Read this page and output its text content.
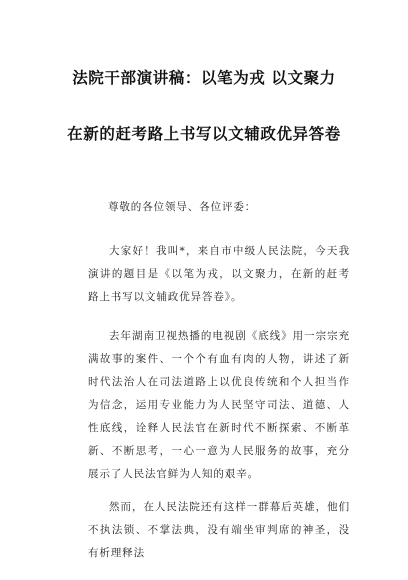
法院干部演讲稿：以笔为戎 以文聚力
在新的赶考路上书写以文辅政优异答卷
尊敬的各位领导、各位评委：
大家好！我叫*，来自市中级人民法院，今天我演讲的题目是《以笔为戎，以文聚力，在新的赶考路上书写以文辅政优异答卷》。
去年湖南卫视热播的电视剧《底线》用一宗宗充满故事的案件、一个个有血有肉的人物，讲述了新时代法治人在司法道路上以优良传统和个人担当作为信念，运用专业能力为人民坚守司法、道德、人性底线，诠释人民法官在新时代不断探索、不断革新、不断思考，一心一意为人民服务的故事，充分展示了人民法官鲜为人知的艰辛。
然而，在人民法院还有这样一群幕后英雄，他们不执法锁、不掌法典，没有端坐审判席的神圣，没有析理释法
